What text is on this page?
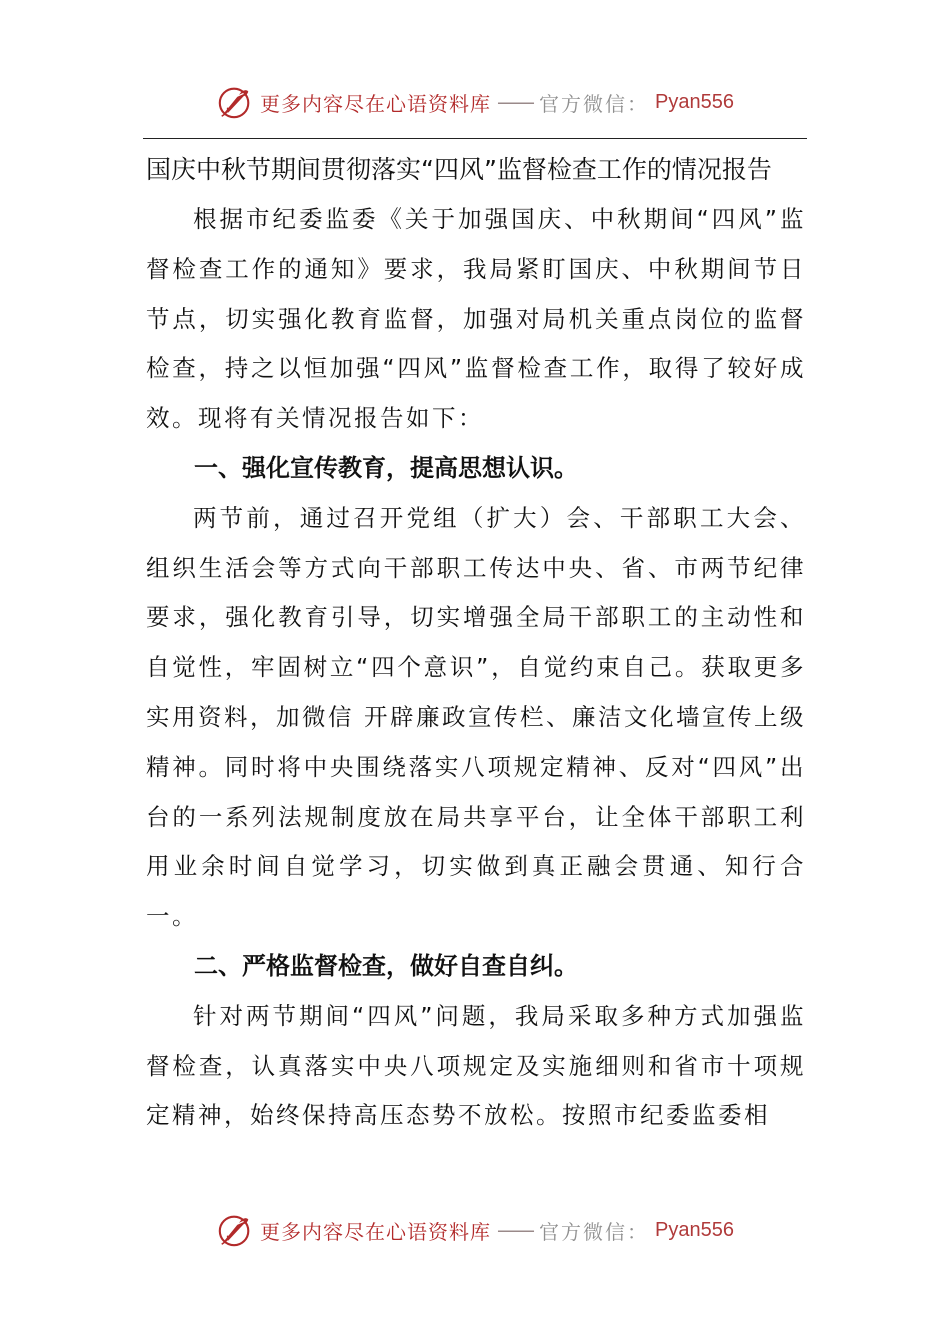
更多内容尽在心语资料库 —— 官方微信： Pyan556
国庆中秋节期间贯彻落实“四风”监督检查工作的情况报告

根据市纪委监委《关于加强国庆、中秋期间“四风”监督检查工作的通知》要求，我局紧盯国庆、中秋期间节日节点，切实强化教育监督，加强对局机关重点岗位的监督检查，持之以恒加强“四风”监督检查工作，取得了较好成效。现将有关情况报告如下：

一、强化宣传教育，提高思想认识。

两节前，通过召开党组（扩大）会、干部职工大会、组织生活会等方式向干部职工传达中央、省、市两节纪律要求，强化教育引导，切实增强全局干部职工的主动性和自觉性，牢固树立“四个意识”，自觉约束自己。获取更多实用资料，加微信 开辟廉政宣传栏、廉洁文化墙宣传上级精神。同时将中央围绕落实八项规定精神、反对“四风”出台的一系列法规制度放在局共享平台，让全体干部职工利用业余时间自觉学习，切实做到真正融会贯通、知行合一。

二、严格监督检查，做好自查自纠。

针对两节期间“四风”问题，我局采取多种方式加强监督检查，认真落实中央八项规定及实施细则和省市十项规定精神，始终保持高压态势不放松。按照市纪委监委相

更多内容尽在心语资料库 —— 官方微信： Pyan556
